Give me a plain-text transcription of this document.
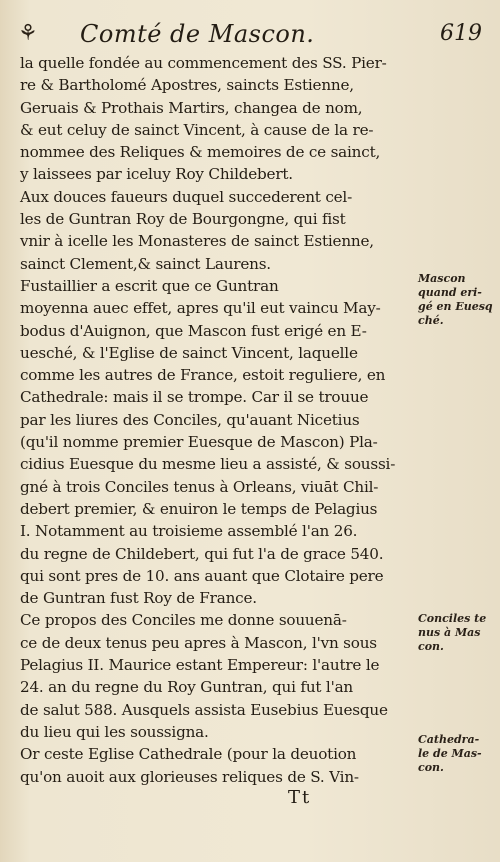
⚘ Comté de Mascon.	619
la quelle fondée au commencement des SS. Pier-
re & Bartholomé Apostres, saincts Estienne,
Geruais & Prothais Martirs, changea de nom,
& eut celuy de sainct Vincent, à cause de la re-
nommee des Reliques & memoires de ce sainct,
y laissees par iceluy Roy Childebert.
Aux douces faueurs duquel succederent cel-
les de Guntran Roy de Bourgongne, qui fist
vnir à icelle les Monasteres de sainct Estienne,
sainct Clement,& sainct Laurens.
Fustaillier a escrit que ce Guntran
moyenna auec effet, apres qu'il eut vaincu May-
bodus d'Auignon, que Mascon fust erigé en E-
uesché, & l'Eglise de sainct Vincent, laquelle
comme les autres de France, estoit reguliere, en
Cathedrale: mais il se trompe. Car il se trouue
par les liures des Conciles, qu'auant Nicetius
(qu'il nomme premier Euesque de Mascon) Pla-
cidius Euesque du mesme lieu a assisté, & soussi-
gné à trois Conciles tenus à Orleans, viuāt Chil-
debert premier, & enuiron le temps de Pelagius
I. Notamment au troisieme assemblé l'an 26.
du regne de Childebert, qui fut l'a de grace 540.
qui sont pres de 10. ans auant que Clotaire pere
de Guntran fust Roy de France.
Ce propos des Conciles me donne souuenā-
ce de deux tenus peu apres à Mascon, l'vn sous
Pelagius II. Maurice estant Empereur: l'autre le
24. an du regne du Roy Guntran, qui fut l'an
de salut 588. Ausquels assista Eusebius Euesque
du lieu qui les soussigna.
Or ceste Eglise Cathedrale (pour la deuotion
qu'on auoit aux glorieuses reliques de S. Vin-
Mascon
quand eri-
gé en Euesq
ché.
Conciles te
nus à Mas
con.
Cathedra-
le de Mas-
con.
Tt
